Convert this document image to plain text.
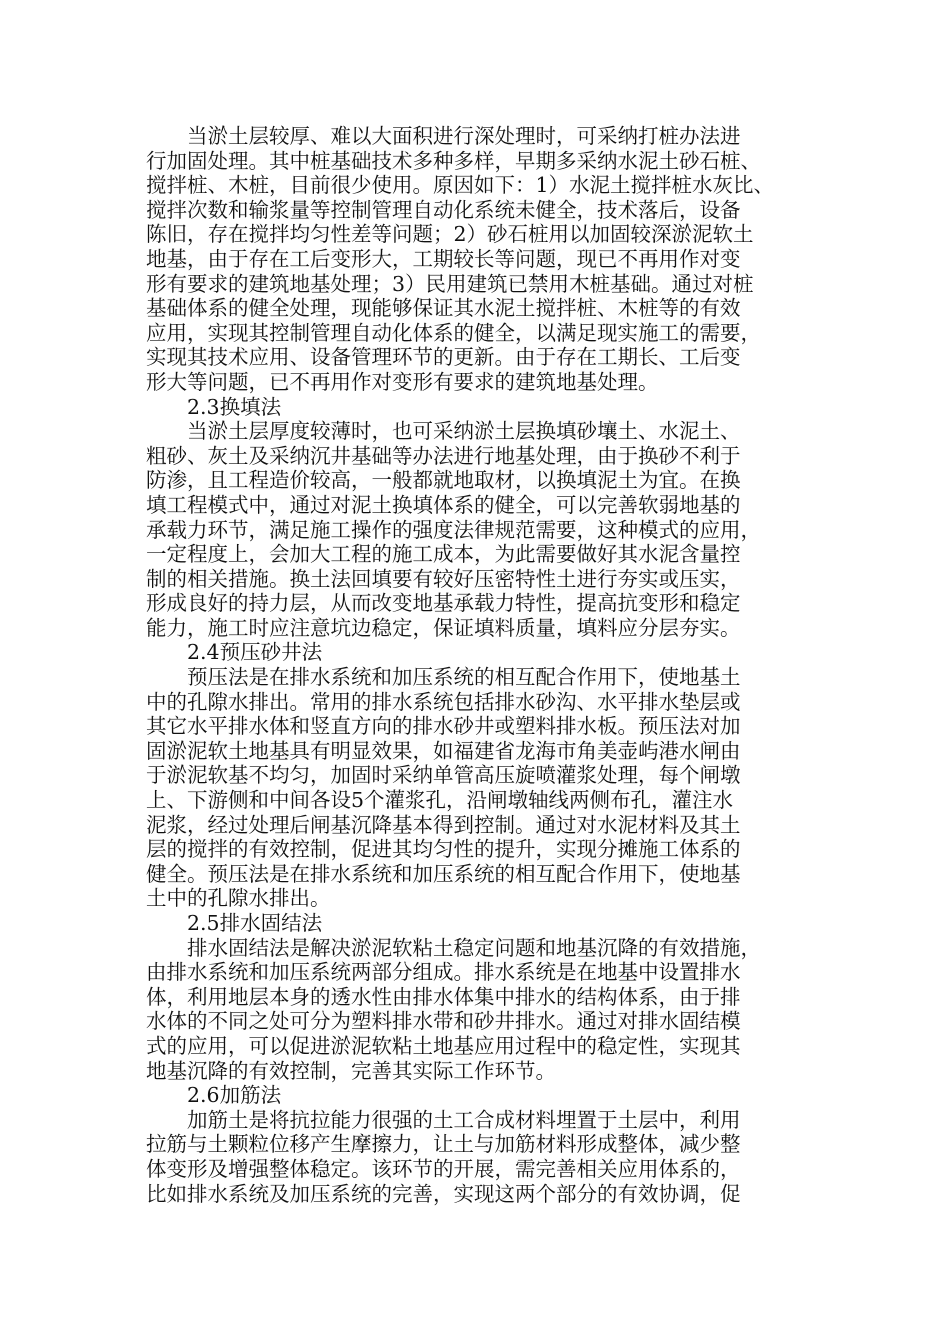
当淤土层较厚、难以大面积进行深处理时，可采纳打桩办法进
行加固处理。其中桩基础技术多种多样，早期多采纳水泥土砂石桩、
搅拌桩、木桩，目前很少使用。原因如下：1）水泥土搅拌桩水灰比、
搅拌次数和输浆量等控制管理自动化系统未健全，技术落后，设备
陈旧，存在搅拌均匀性差等问题；2）砂石桩用以加固较深淤泥软土
地基，由于存在工后变形大，工期较长等问题，现已不再用作对变
形有要求的建筑地基处理；3）民用建筑已禁用木桩基础。通过对桩
基础体系的健全处理，现能够保证其水泥土搅拌桩、木桩等的有效
应用，实现其控制管理自动化体系的健全，以满足现实施工的需要，
实现其技术应用、设备管理环节的更新。由于存在工期长、工后变
形大等问题，已不再用作对变形有要求的建筑地基处理。
2.3换填法
当淤土层厚度较薄时，也可采纳淤土层换填砂壤土、水泥土、
粗砂、灰土及采纳沉井基础等办法进行地基处理，由于换砂不利于
防渗，且工程造价较高，一般都就地取材，以换填泥土为宜。在换
填工程模式中，通过对泥土换填体系的健全，可以完善软弱地基的
承载力环节，满足施工操作的强度法律规范需要，这种模式的应用，
一定程度上，会加大工程的施工成本，为此需要做好其水泥含量控
制的相关措施。换土法回填要有较好压密特性土进行夯实或压实，
形成良好的持力层，从而改变地基承载力特性，提高抗变形和稳定
能力，施工时应注意坑边稳定，保证填料质量，填料应分层夯实。
2.4预压砂井法
预压法是在排水系统和加压系统的相互配合作用下，使地基土
中的孔隙水排出。常用的排水系统包括排水砂沟、水平排水垫层或
其它水平排水体和竖直方向的排水砂井或塑料排水板。预压法对加
固淤泥软土地基具有明显效果，如福建省龙海市角美壶屿港水闸由
于淤泥软基不均匀，加固时采纳单管高压旋喷灌浆处理，每个闸墩
上、下游侧和中间各设5个灌浆孔，沿闸墩轴线两侧布孔，灌注水
泥浆，经过处理后闸基沉降基本得到控制。通过对水泥材料及其土
层的搅拌的有效控制，促进其均匀性的提升，实现分摊施工体系的
健全。预压法是在排水系统和加压系统的相互配合作用下，使地基
土中的孔隙水排出。
2.5排水固结法
排水固结法是解决淤泥软粘土稳定问题和地基沉降的有效措施，
由排水系统和加压系统两部分组成。排水系统是在地基中设置排水
体，利用地层本身的透水性由排水体集中排水的结构体系，由于排
水体的不同之处可分为塑料排水带和砂井排水。通过对排水固结模
式的应用，可以促进淤泥软粘土地基应用过程中的稳定性，实现其
地基沉降的有效控制，完善其实际工作环节。
2.6加筋法
加筋土是将抗拉能力很强的土工合成材料埋置于土层中，利用
拉筋与土颗粒位移产生摩擦力，让土与加筋材料形成整体，减少整
体变形及增强整体稳定。该环节的开展，需完善相关应用体系的，
比如排水系统及加压系统的完善，实现这两个部分的有效协调，促
